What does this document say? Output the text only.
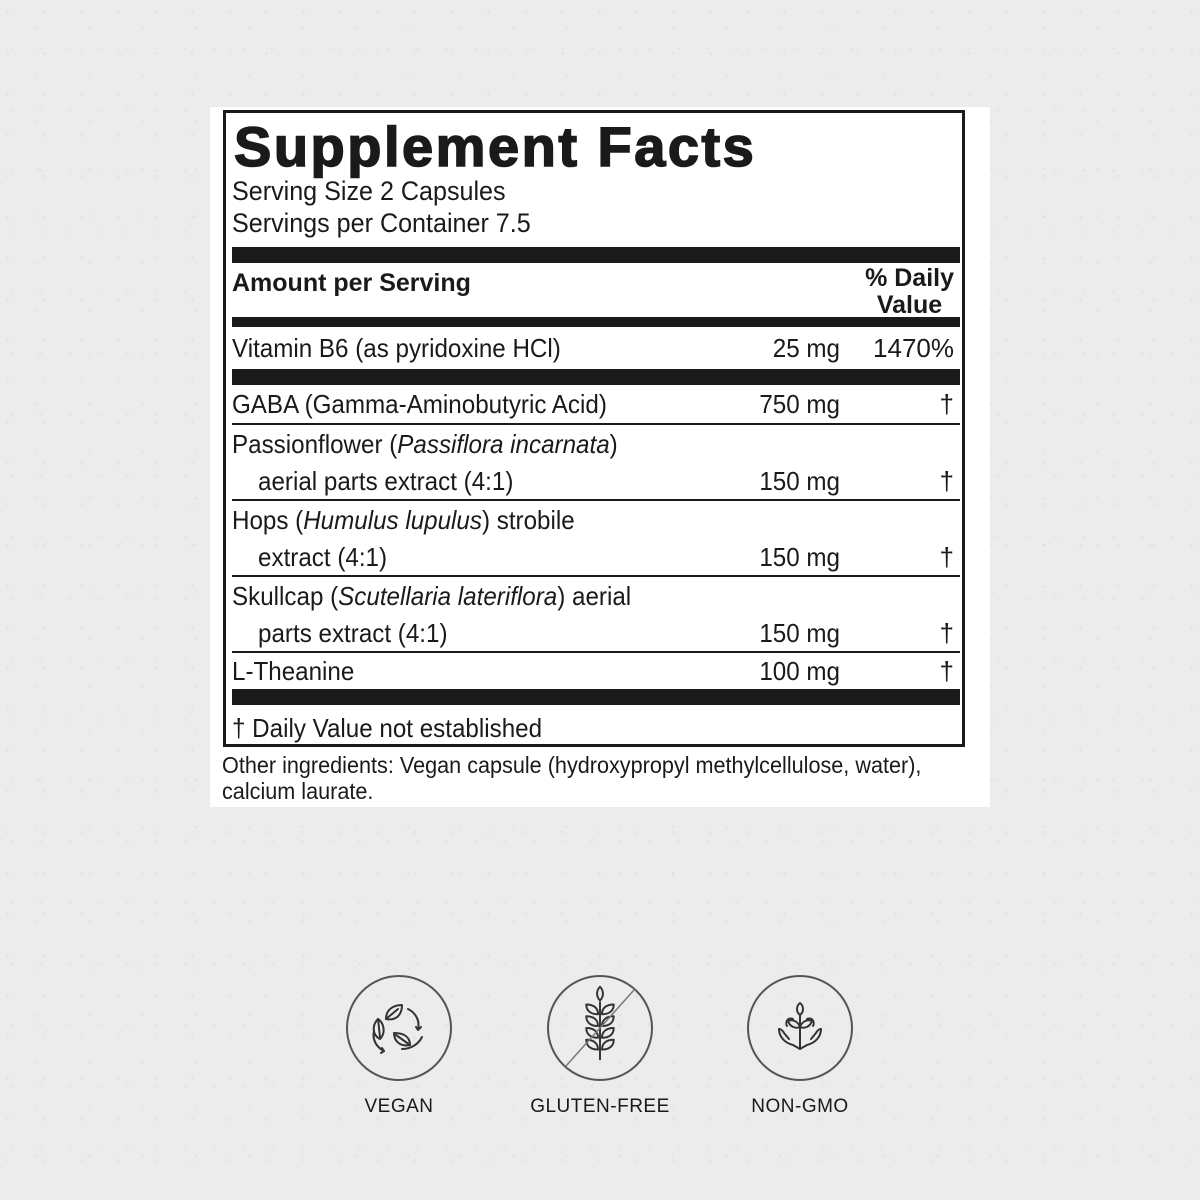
Supplement Facts
Serving Size 2 Capsules
Servings per Container 7.5
Amount per Serving	% Daily
Value
Vitamin B6 (as pyridoxine HCl)	25 mg	1470%
GABA (Gamma-Aminobutyric Acid)	750 mg	†
Passionflower (Passiflora incarnata)
aerial parts extract (4:1)	150 mg	†
Hops (Humulus lupulus) strobile
extract (4:1)	150 mg	†
Skullcap (Scutellaria lateriflora) aerial
parts extract (4:1)	150 mg	†
L-Theanine	100 mg	†
† Daily Value not established
Other ingredients: Vegan capsule (hydroxypropyl methylcellulose, water),
calcium laurate.
VEGAN	GLUTEN-FREE	NON-GMO
